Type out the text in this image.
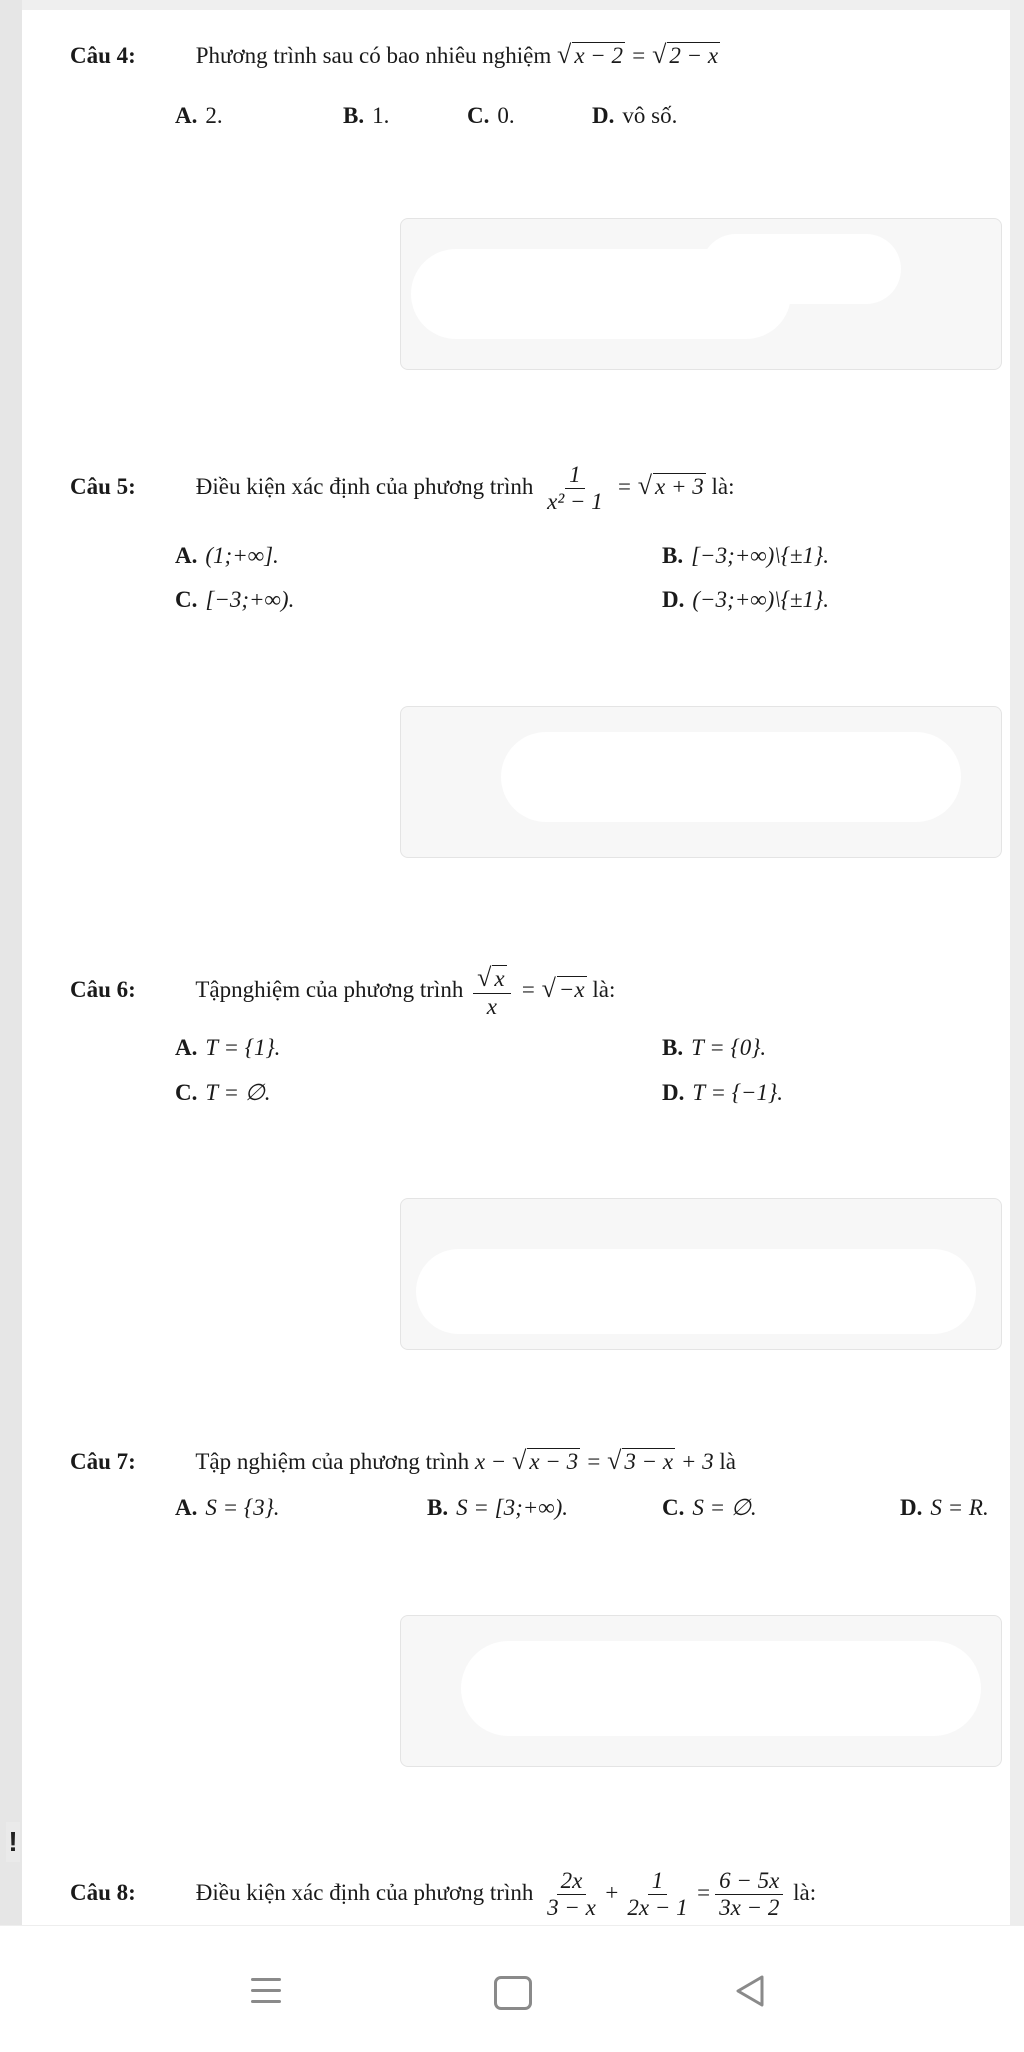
Câu 4:	Phương trình sau có bao nhiêu nghiệm √ x − 2 = √ 2 − x
A. 2.	B. 1.	C. 0.	D. vô số.
Câu 5:	Điều kiện xác định của phương trình $\frac{1}{\text{x² − 1}}$ = √ x + 3 là:
A. (1;+∞].	B. [−3;+∞)\{±1}.
C. [−3;+∞).	D. (−3;+∞)\{±1}.
Câu 6:	Tậpnghiệm của phương trình $\frac{√ x}{x}$ = √ −x là:
A. T = {1}.	B. T = {0}.
C. T = ∅.	D. T = {−1}.
Câu 7:	Tập nghiệm của phương trình x − √ x − 3 = √ 3 − x + 3 là
A. S = {3}.	B. S = [3;+∞).	C. S = ∅.	D. S = R.
!
Câu 8:	Điều kiện xác định của phương trình $\frac{2x}{3 - x} + \frac{1}{2x - 1} = \frac{6 - 5x}{3x - 2}$ là:
